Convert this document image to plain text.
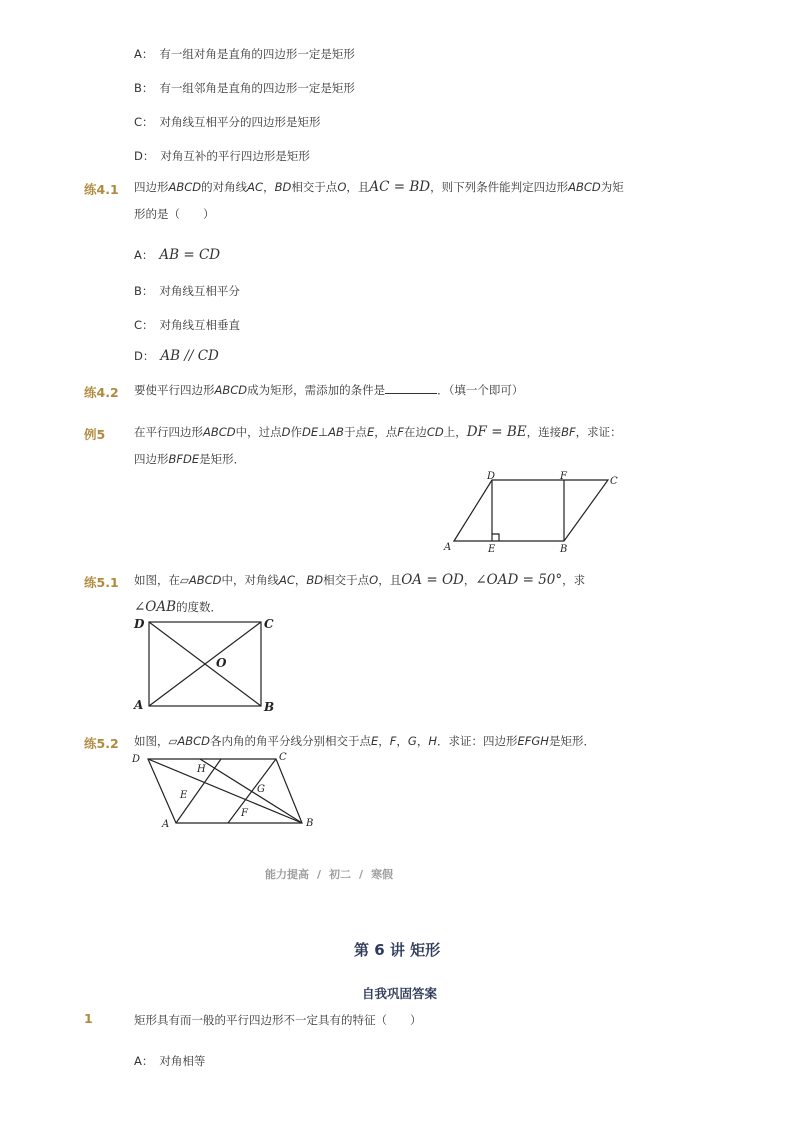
A： 有一组对角是直角的四边形一定是矩形
B： 有一组邻角是直角的四边形一定是矩形
C： 对角线互相平分的四边形是矩形
D： 对角互补的平行四边形是矩形
练4.1 四边形ABCD的对角线AC，BD相交于点O，且AC = BD，则下列条件能判定四边形ABCD为矩
形的是（　　）
A： AB = CD
B： 对角线互相平分
C： 对角线互相垂直
D： AB // CD
练4.2 要使平行四边形ABCD成为矩形，需添加的条件是	．（填一个即可）
例5	在平行四边形ABCD中，过点D作DE⊥AB于点E，点F在边CD上，DF = BE，连接BF，求证：
四边形BFDE是矩形．
A
D	F	C
E	B
练5.1 如图，在▱ABCD中，对角线AC，BD相交于点O，且OA = OD，∠OAD = 50°，求
∠OAB的度数．
D	C
A	B
O
练5.2 如图，▱ABCD各内角的角平分线分别相交于点E，F，G，H．求证：四边形EFGH是矩形．
D	C
A	B
H
E
G
F
能力提高 / 初二 / 寒假
第 6 讲 矩形
自我巩固答案
1	矩形具有而一般的平行四边形不一定具有的特征（　　）
A： 对角相等
